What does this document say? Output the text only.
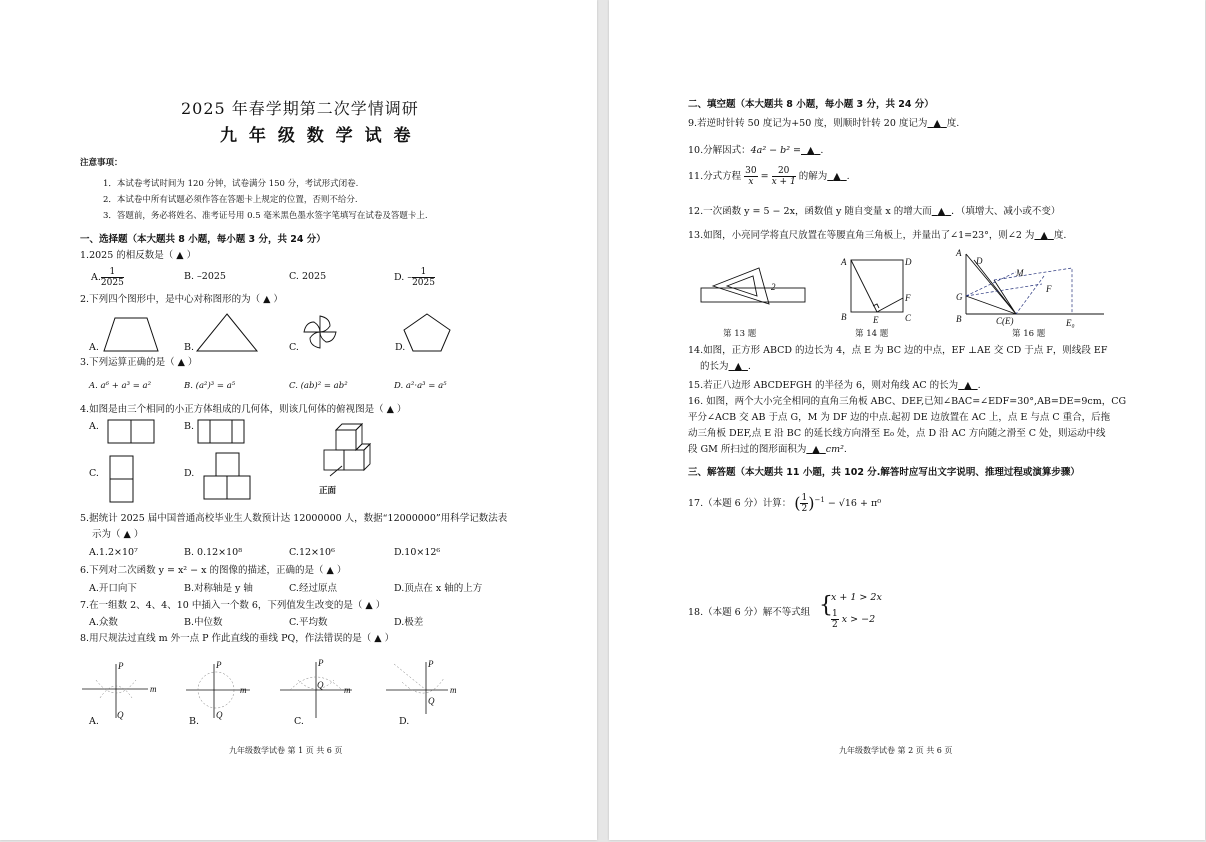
2025 年春学期第二次学情调研
九 年 级 数 学 试 卷
注意事项：
1．本试卷考试时间为 120 分钟，试卷满分 150 分，考试形式闭卷.
2．本试卷中所有试题必须作答在答题卡上规定的位置，否则不给分.
3．答题前，务必将姓名、准考证号用 0.5 毫米黑色墨水签字笔填写在试卷及答题卡上.
一、选择题（本大题共 8 小题，每小题 3 分，共 24 分）
1.2025 的相反数是（ ▲ ）
A. $\frac{1}{2025}$	B. –2025	C. 2025	D. – $\frac{1}{2025}$
2.下列四个图形中，是中心对称图形的为（ ▲ ）
A.	B.	C.	D.
3.下列运算正确的是（ ▲ ）
A. a⁶ + a³ = a²	B. (a²)³ = a⁵	C. (ab)² = ab²	D. a²·a³ = a⁵
4.如图是由三个相同的小正方体组成的几何体，则该几何体的俯视图是（ ▲ ）
A.	B.
C.	D.
正面
5.据统计 2025 届中国普通高校毕业生人数预计达 12000000 人，数据“12000000”用科学记数法表
示为（ ▲ ）
A.1.2×10⁷	B. 0.12×10⁸	C.12×10⁶	D.10×12⁶
6.下列对二次函数 y = x² − x 的图像的描述，正确的是（ ▲ ）
A.开口向下	B.对称轴是 y 轴	C.经过原点	D.顶点在 x 轴的上方
7.在一组数 2、4、4、10 中插入一个数 6，下列值发生改变的是（ ▲ ）
A.众数	B.中位数	C.平均数	D.极差
8.用尺规法过直线 m 外一点 P 作此直线的垂线 PQ，作法错误的是（ ▲ ）
P
m
Q
P
m
Q
P
m
Q
P
m
Q
A.	B.	C.	D.
九年级数学试卷 第 1 页 共 6 页
二、填空题（本大题共 8 小题，每小题 3 分，共 24 分）
9.若逆时针转 50 度记为+50 度，则顺时针转 20 度记为 ▲ 度.
10.分解因式：4a² − b² = ▲ .
11.分式方程 $\frac{30}{x} = \frac{20}{x + 1}$ 的解为 ▲ .
12.一次函数 y = 5 − 2x，函数值 y 随自变量 x 的增大而 ▲ ．（填增大、减小或不变）
13.如图，小亮同学将直尺放置在等腰直角三角板上，并量出了∠1=23°，则∠2 为 ▲ 度.
2
A	D
B	E	C
F
A
D
M
G
F
B	C(E)	E₀
第 13 题	第 14 题	第 16 题
14.如图，正方形 ABCD 的边长为 4，点 E 为 BC 边的中点，EF ⊥AE 交 CD 于点 F，则线段 EF
的长为 ▲ .
15.若正八边形 ABCDEFGH 的半径为 6，则对角线 AC 的长为 ▲ .
16. 如图，两个大小完全相同的直角三角板 ABC、DEF,已知∠BAC=∠EDF=30°,AB=DE=9cm，CG
平分∠ACB 交 AB 于点 G，M 为 DF 边的中点.起初 DE 边放置在 AC 上，点 E 与点 C 重合，后拖
动三角板 DEF,点 E 沿 BC 的延长线方向滑至 E₀ 处，点 D 沿 AC 方向随之滑至 C 处，则运动中线
段 GM 所扫过的图形面积为 ▲ cm².
三、解答题（本大题共 11 小题，共 102 分.解答时应写出文字说明、推理过程或演算步骤）
17.（本题 6 分）计算： ( $\frac{1}{2} )^{-1} - √16 + \pi^0$
18.（本题 6 分）解不等式组 {
x + 1 > 2x
$\frac{1}{2}$ x > −2
九年级数学试卷 第 2 页 共 6 页
